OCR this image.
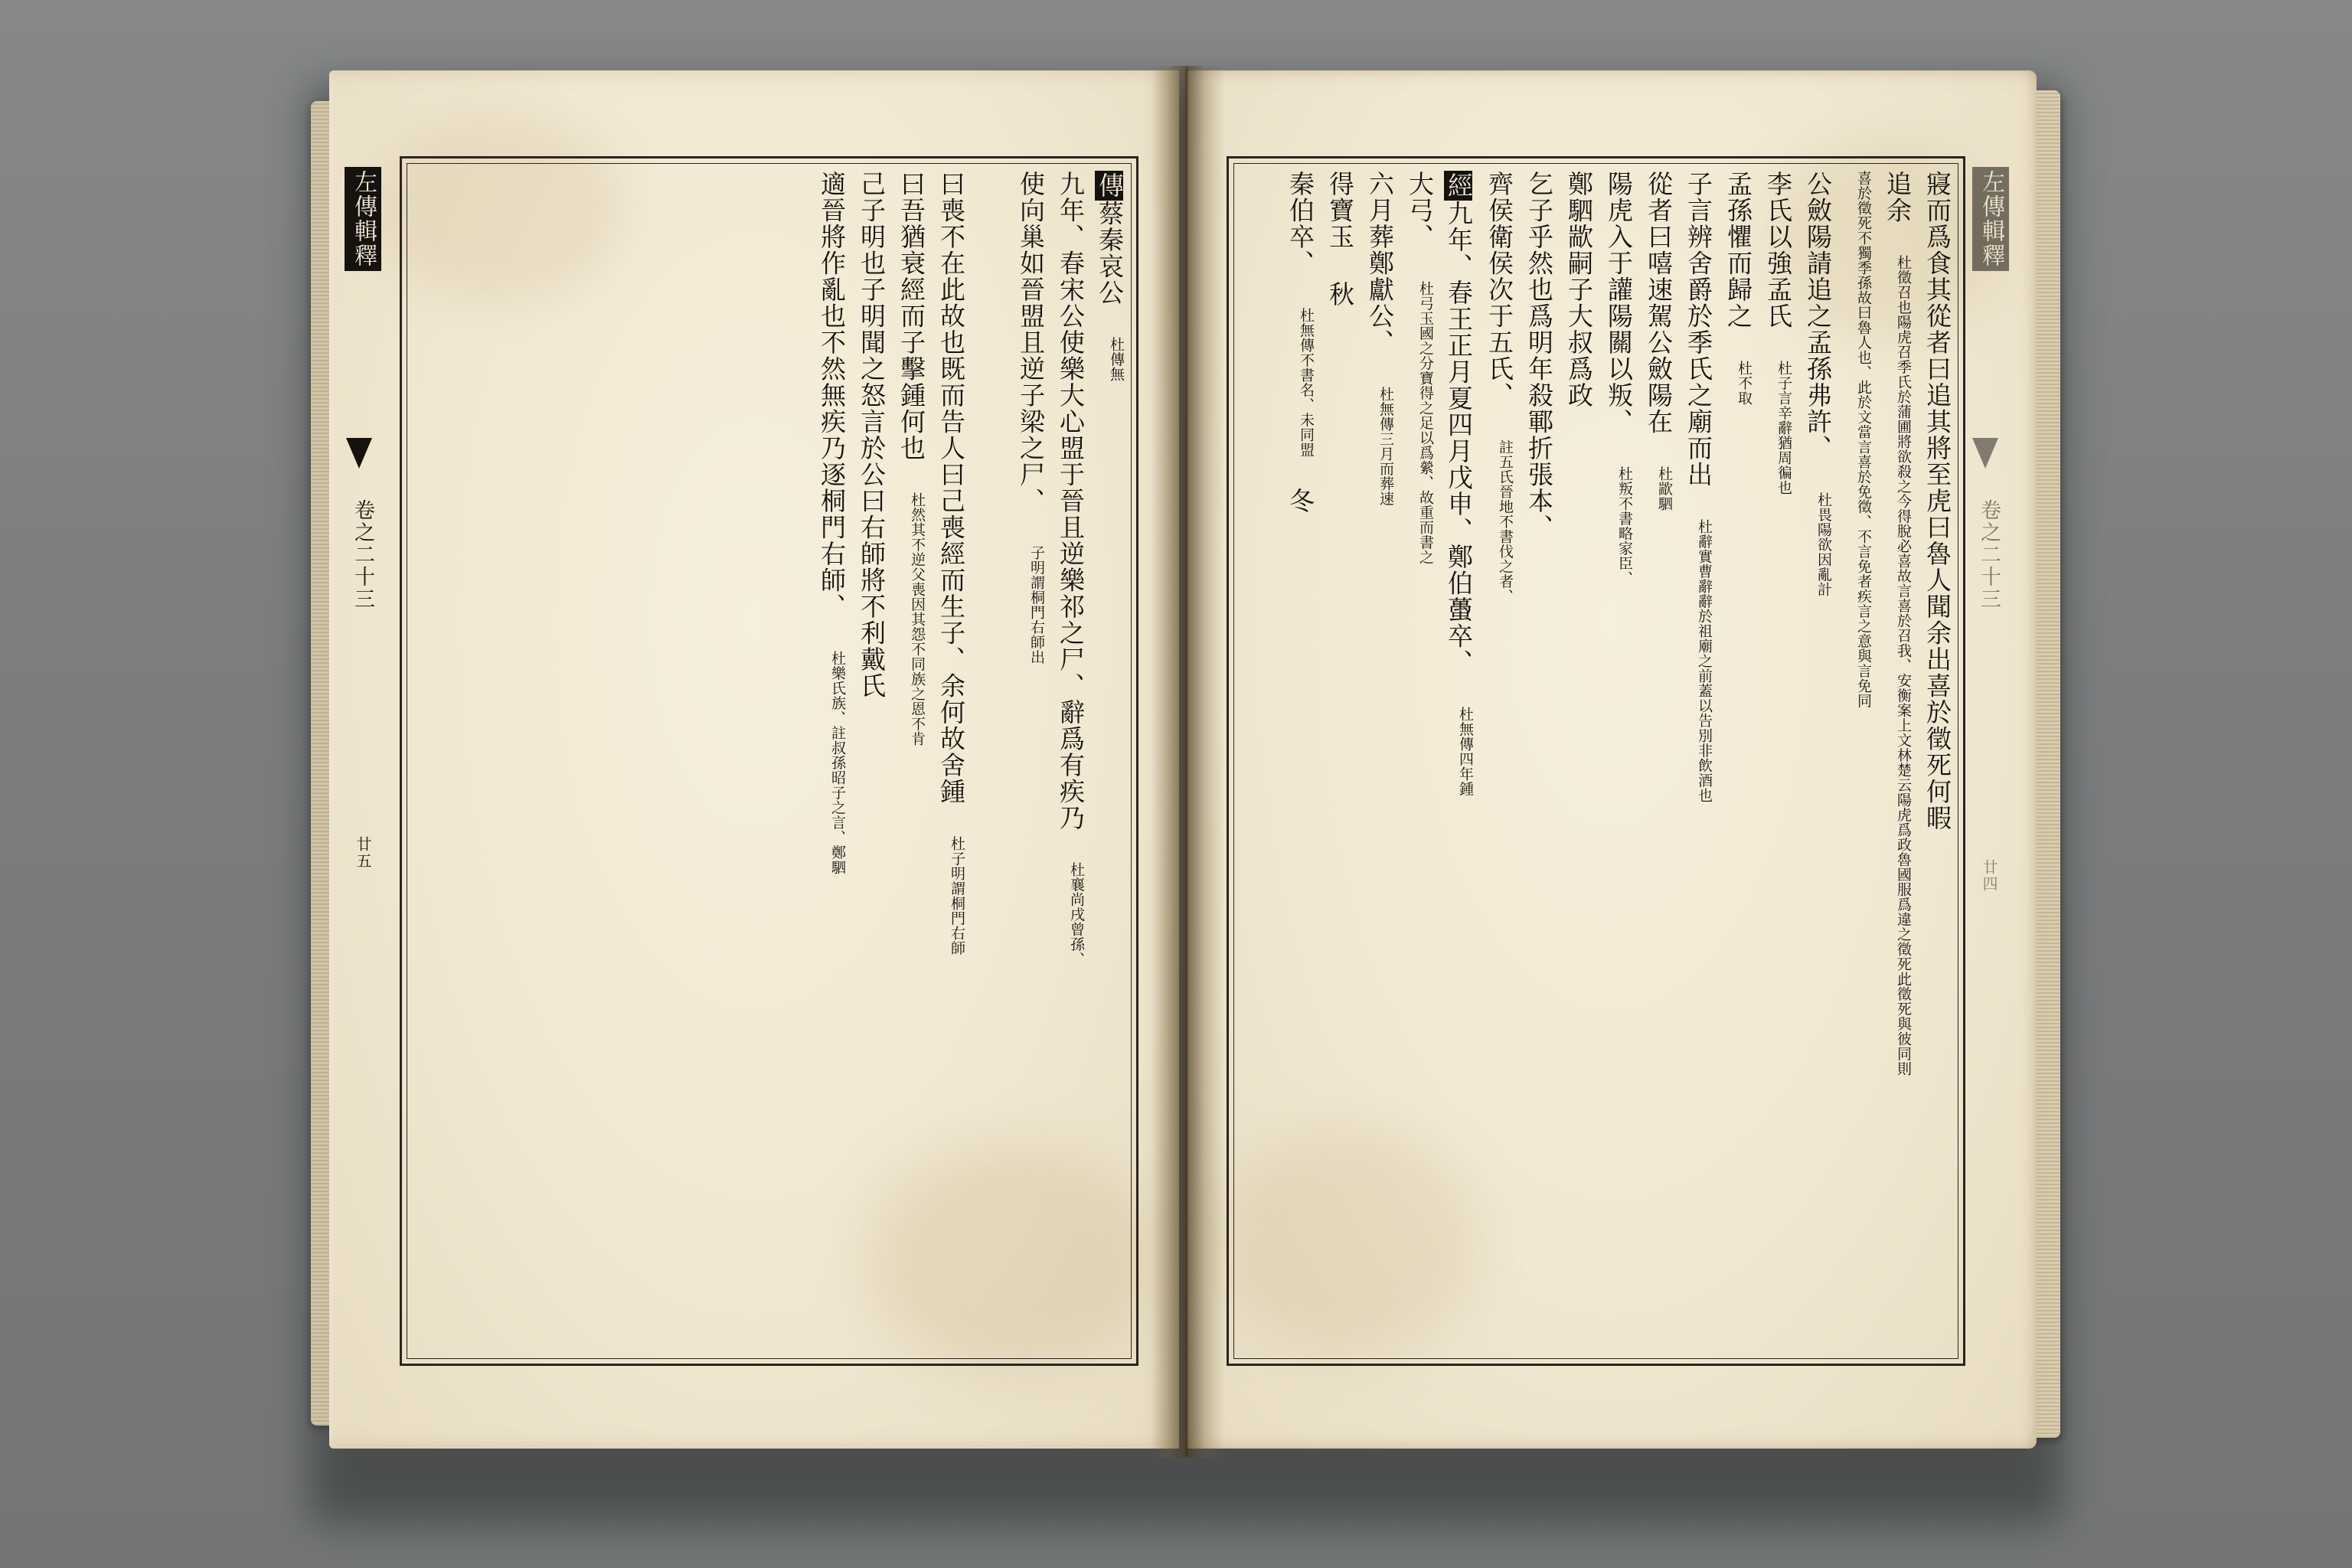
左傳輯釋
卷之二十三
廿五
傳蔡秦哀公 杜傳無
九年、春宋公使樂大心盟于晉且逆樂祁之尸、辭爲有疾乃 杜襄尚戌曾孫、
使向巢如晉盟且逆子梁之尸、 子明謂桐門右師出
曰喪不在此故也既而告人曰己喪經而生子、余何故舍鍾 杜子明謂桐門右師
曰吾猶衰經而子擊鍾何也 杜然其不逆父喪因其怨不同族之恩不肯
己子明也子明聞之怒言於公曰右師將不利戴氏
適晉將作亂也不然無疾乃逐桐門右師、 杜樂氏族、註叔孫昭子之言、鄭駟
左傳輯釋
卷之二十三
廿四
寢而爲食其從者曰追其將至虎曰魯人聞余出喜於徵死何暇
追余 杜徵召也陽虎召季氏於蒲圃將欲殺之今得脫必喜故言喜於召我、安衡案上文林楚云陽虎爲政魯國服爲違之徵死此徵死與彼同則
喜於徵死不獨季孫故曰魯人也、此於文當言喜於免徵、不言免者疾言之意與言免同
公斂陽請追之孟孫弗許、 杜畏陽欲因亂計
李氏以強孟氏 杜子言辛辭猶周徧也
孟孫懼而歸之 杜不取
子言辨舍爵於季氏之廟而出 杜辭實曹辭辭於祖廟之前蓋以告別非飲酒也
從者曰嘻速駕公斂陽在 杜歂駟
陽虎入于讙陽關以叛、 杜叛不書略家臣、
鄭駟歂嗣子大叔爲政
乞子乎然也爲明年殺鄆折張本、
齊侯衛侯次于五氏、 註五氏晉地不書伐之者、
經九年、春王正月夏四月戊申、鄭伯蠆卒、 杜無傳四年鍾
大弓、 杜弓玉國之分寶得之足以爲縈、故重而書之
六月葬鄭獻公、 杜無傳三月而葬速
得寶玉 秋
秦伯卒、 杜無傳不書名、未同盟 冬
